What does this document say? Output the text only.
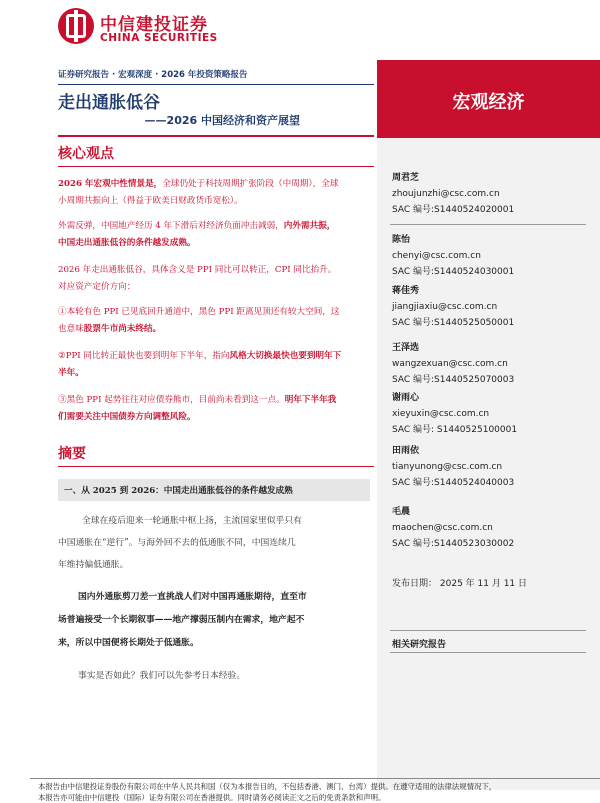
中信建投证券
CHINA SECURITIES
宏观经济
周君芝
zhoujunzhi@csc.com.cn
SAC 编号:S1440524020001
陈怡
chenyi@csc.com.cn
SAC 编号:S1440524030001
蒋佳秀
jiangjiaxiu@csc.com.cn
SAC 编号:S1440525050001
王泽选
wangzexuan@csc.com.cn
SAC 编号:S1440525070003
谢雨心
xieyuxin@csc.com.cn
SAC 编号: S1440525100001
田雨依
tianyunong@csc.com.cn
SAC 编号:S1440524040003
毛晨
maochen@csc.com.cn
SAC 编号:S1440523030002
发布日期： 2025 年 11 月 11 日
相关研究报告
证券研究报告 · 宏观深度 · 2026 年投资策略报告
走出通胀低谷
——2026 中国经济和资产展望
核心观点
2026 年宏观中性情景是，全球仍处于科技周期扩张阶段（中周期），全球小周期共振向上（得益于欧美日财政货币宽松）。
外需反弹，中国地产经历 4 年下滑后对经济负面冲击减弱，内外需共振，中国走出通胀低谷的条件越发成熟。
2026 年走出通胀低谷，具体含义是 PPI 同比可以转正，CPI 同比抬升。对应资产定价方向：
①本轮有色 PPI 已见底回升通道中，黑色 PPI 距离见顶还有较大空间，这也意味股票牛市尚未终结。
②PPI 同比转正最快也要到明年下半年，指向风格大切换最快也要到明年下半年。
③黑色 PPI 起势往往对应债券熊市，目前尚未看到这一点。明年下半年我们需要关注中国债券方向调整风险。
摘要
一、从 2025 到 2026：中国走出通胀低谷的条件越发成熟
全球在疫后迎来一轮通胀中枢上扬，主流国家里似乎只有
中国通胀在“逆行”。与海外回不去的低通胀不同，中国连续几
年维持偏低通胀。
国内外通胀剪刀差一直挑战人们对中国再通胀期待，直至市
场普遍接受一个长期叙事——地产撑弱压制内在需求，地产起不
来，所以中国便将长期处于低通胀。
事实是否如此？我们可以先参考日本经验。
本报告由中信建投证券股份有限公司在中华人民共和国（仅为本报告目的，不包括香港、澳门、台湾）提供。在遵守适用的法律法规情况下，
本报告亦可能由中信建投（国际）证券有限公司在香港提供。同时请务必阅读正文之后的免责条款和声明。
